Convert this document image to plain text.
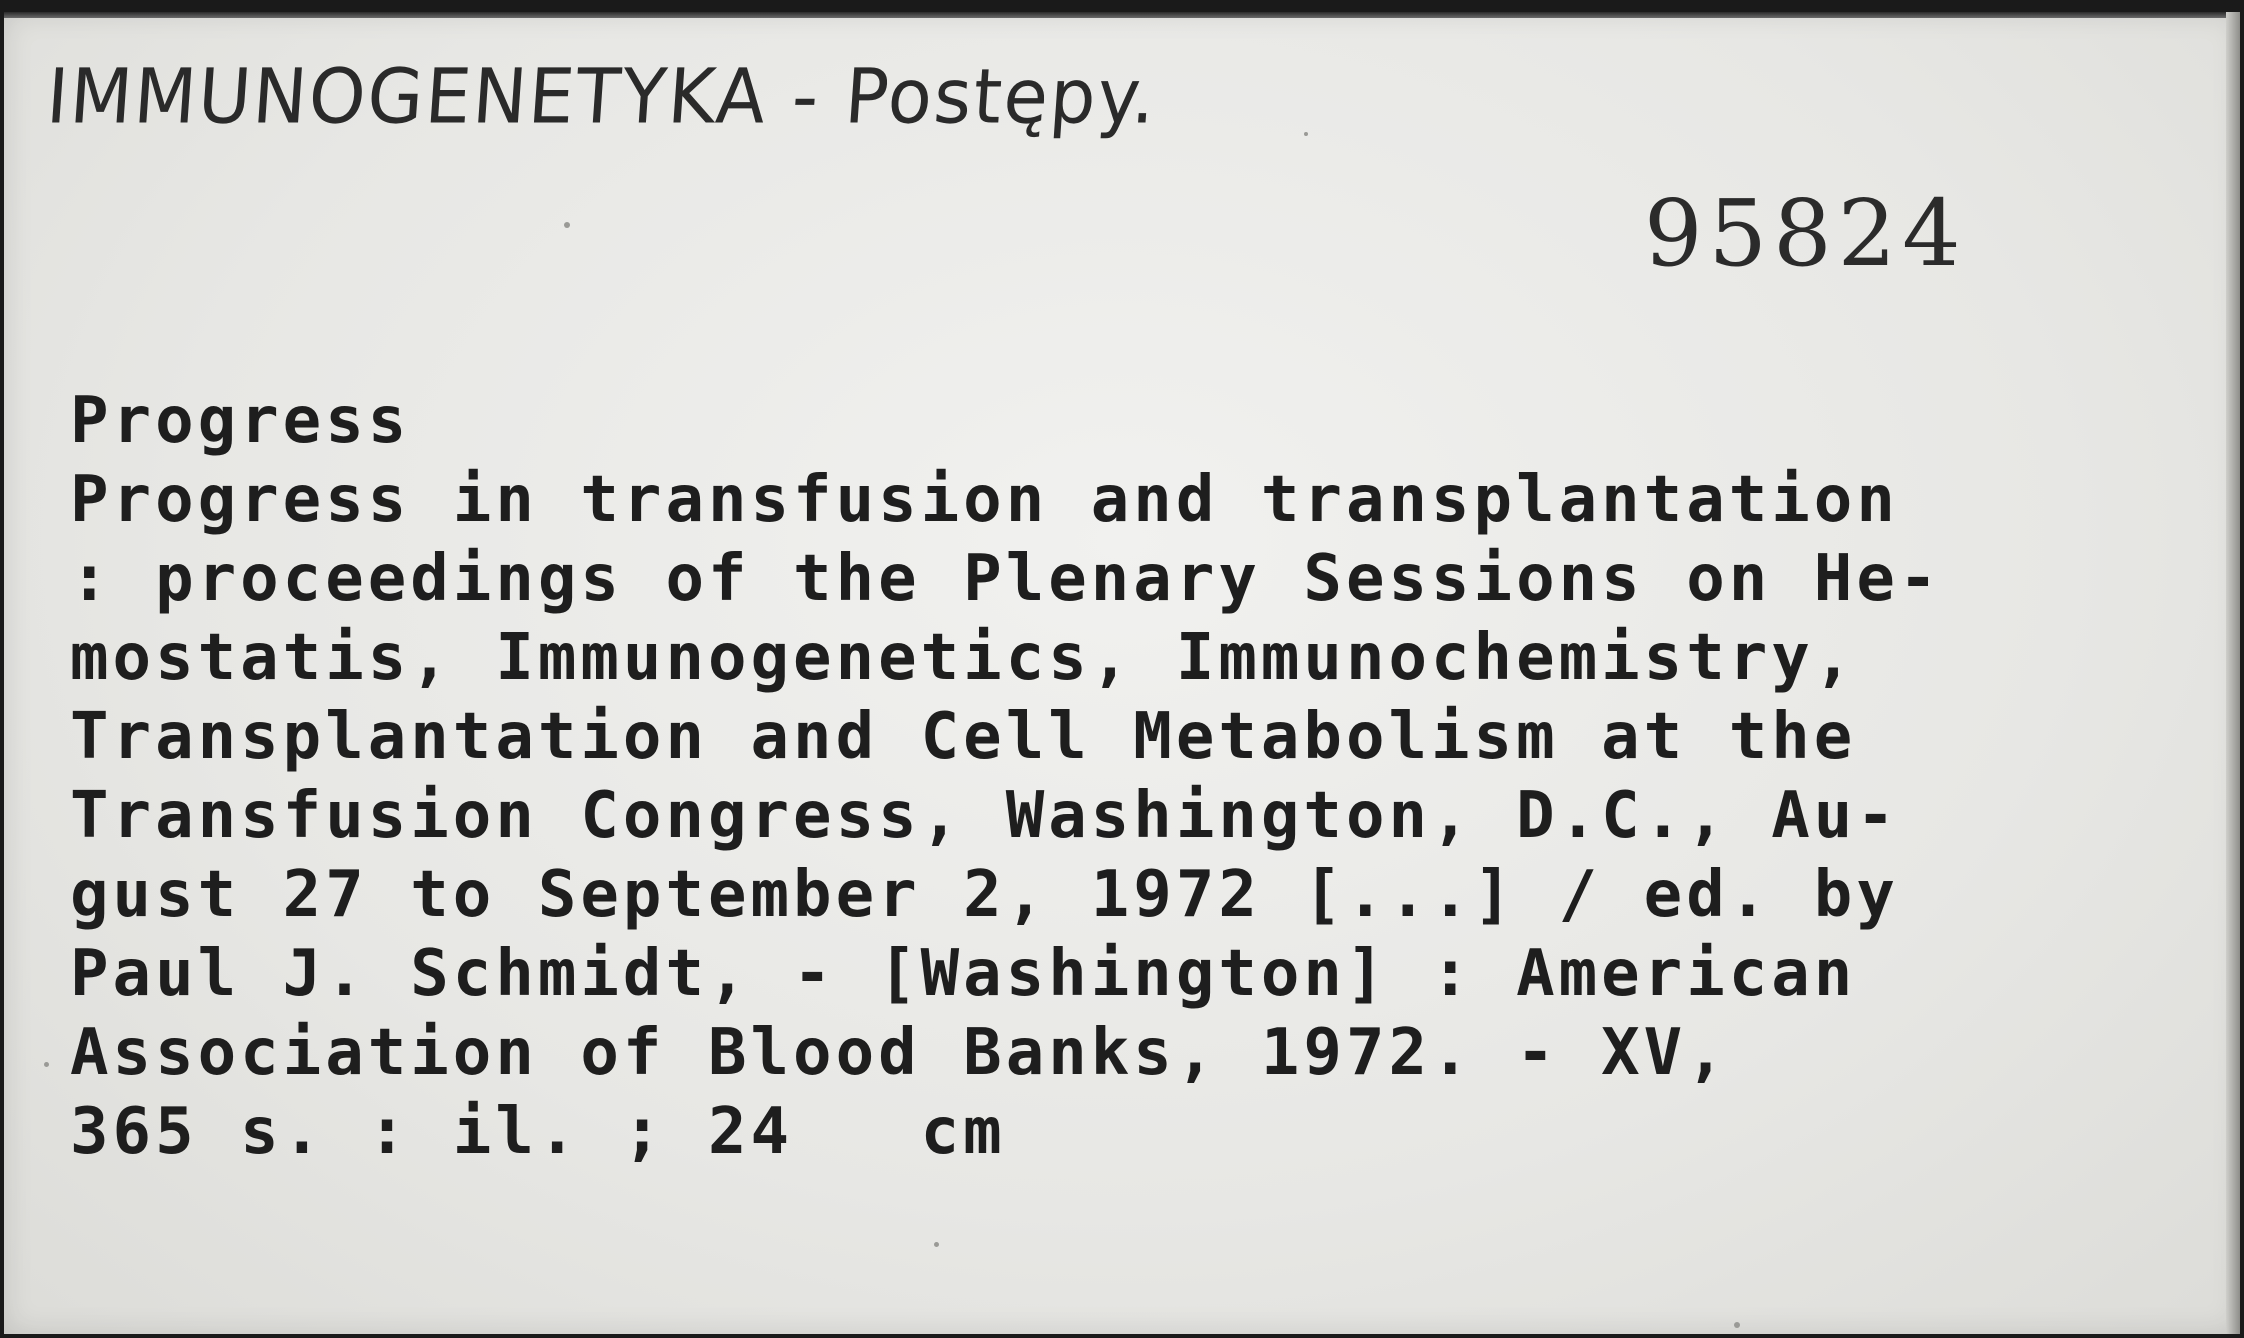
IMMUNOGENETYKA - Postępy.
95824
Progress
Progress in transfusion and transplantation
: proceedings of the Plenary Sessions on He-
mostatis, Immunogenetics, Immunochemistry,
Transplantation and Cell Metabolism at the
Transfusion Congress, Washington, D.C., Au-
gust 27 to September 2, 1972 [...] / ed. by
Paul J. Schmidt, - [Washington] : American
Association of Blood Banks, 1972. - XV,
365 s. : il. ; 24   cm
